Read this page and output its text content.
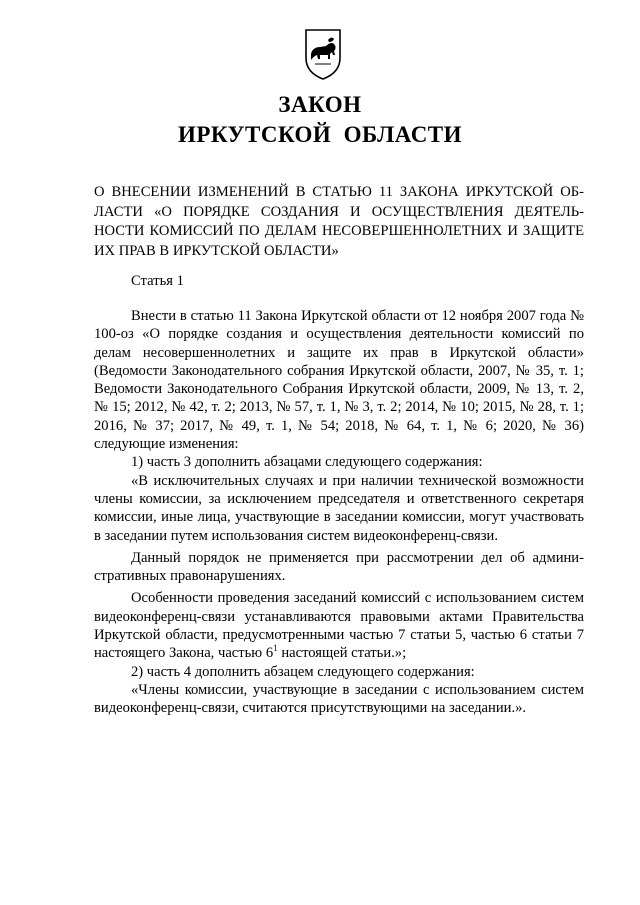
ЗАКОН
ИРКУТСКОЙ ОБЛАСТИ
О ВНЕСЕНИИ ИЗМЕНЕНИЙ В СТАТЬЮ 11 ЗАКОНА ИРКУТСКОЙ ОБЛАСТИ «О ПОРЯДКЕ СОЗДАНИЯ И ОСУЩЕСТВЛЕНИЯ ДЕЯТЕЛЬНОСТИ КОМИССИЙ ПО ДЕЛАМ НЕСОВЕРШЕННОЛЕТНИХ И ЗАЩИТЕ ИХ ПРАВ В ИРКУТСКОЙ ОБЛАСТИ»
Статья 1

Внести в статью 11 Закона Иркутской области от 12 ноября 2007 года № 100-оз «О порядке создания и осуществления деятельности комиссий по делам несовершеннолетних и защите их прав в Иркутской области» (Ведомости Законодательного собрания Иркутской области, 2007, № 35, т. 1; Ведомости Законодательного Собрания Иркутской области, 2009, № 13, т. 2, № 15; 2012, № 42, т. 2; 2013, № 57, т. 1, № 3, т. 2; 2014, № 10; 2015, № 28, т. 1; 2016, № 37; 2017, № 49, т. 1, № 54; 2018, № 64, т. 1, № 6; 2020, № 36) следующие изменения:

1) часть 3 дополнить абзацами следующего содержания:

«В исключительных случаях и при наличии технической возможности члены комиссии, за исключением председателя и ответственного секретаря комиссии, иные лица, участвующие в заседании комиссии, могут участвовать в заседании путем использования систем видеоконференц-связи.

Данный порядок не применяется при рассмотрении дел об административных правонарушениях.

Особенности проведения заседаний комиссий с использованием систем видеоконференц-связи устанавливаются правовыми актами Правительства Иркутской области, предусмотренными частью 7 статьи 5, частью 6 статьи 7 настоящего Закона, частью $6^1$ настоящей статьи.»;

2) часть 4 дополнить абзацем следующего содержания:

«Члены комиссии, участвующие в заседании с использованием систем видеоконференц-связи, считаются присутствующими на заседании.».
